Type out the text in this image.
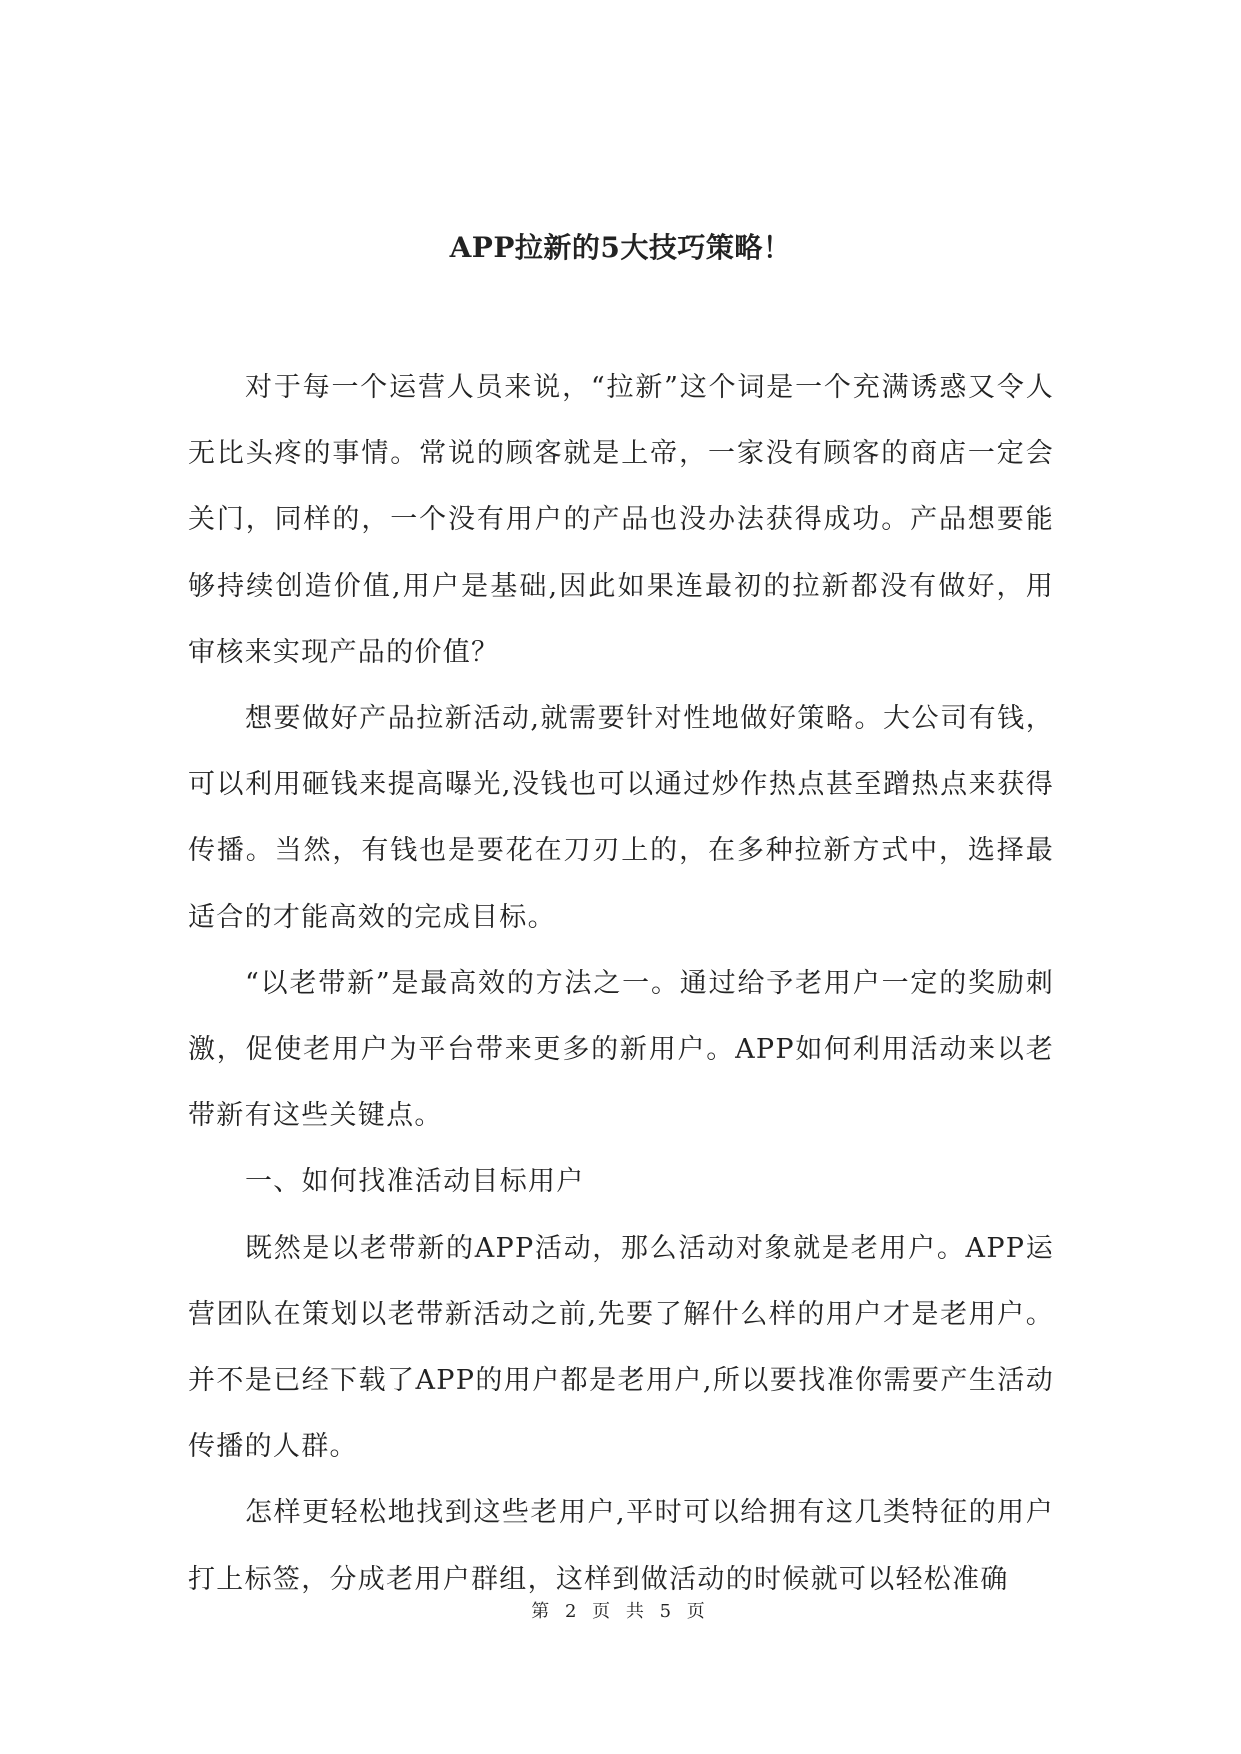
APP拉新的5大技巧策略！

对于每一个运营人员来说，“拉新”这个词是一个充满诱惑又令人无比头疼的事情。常说的顾客就是上帝，一家没有顾客的商店一定会关门，同样的，一个没有用户的产品也没办法获得成功。产品想要能够持续创造价值,用户是基础,因此如果连最初的拉新都没有做好，用审核来实现产品的价值？

想要做好产品拉新活动,就需要针对性地做好策略。大公司有钱，可以利用砸钱来提高曝光,没钱也可以通过炒作热点甚至蹭热点来获得传播。当然，有钱也是要花在刀刃上的，在多种拉新方式中，选择最适合的才能高效的完成目标。

“以老带新”是最高效的方法之一。通过给予老用户一定的奖励刺激，促使老用户为平台带来更多的新用户。APP如何利用活动来以老带新有这些关键点。

一、如何找准活动目标用户

既然是以老带新的APP活动，那么活动对象就是老用户。APP运营团队在策划以老带新活动之前,先要了解什么样的用户才是老用户。并不是已经下载了APP的用户都是老用户,所以要找准你需要产生活动传播的人群。

怎样更轻松地找到这些老用户,平时可以给拥有这几类特征的用户打上标签，分成老用户群组，这样到做活动的时候就可以轻松准确

第 2 页 共 5 页
